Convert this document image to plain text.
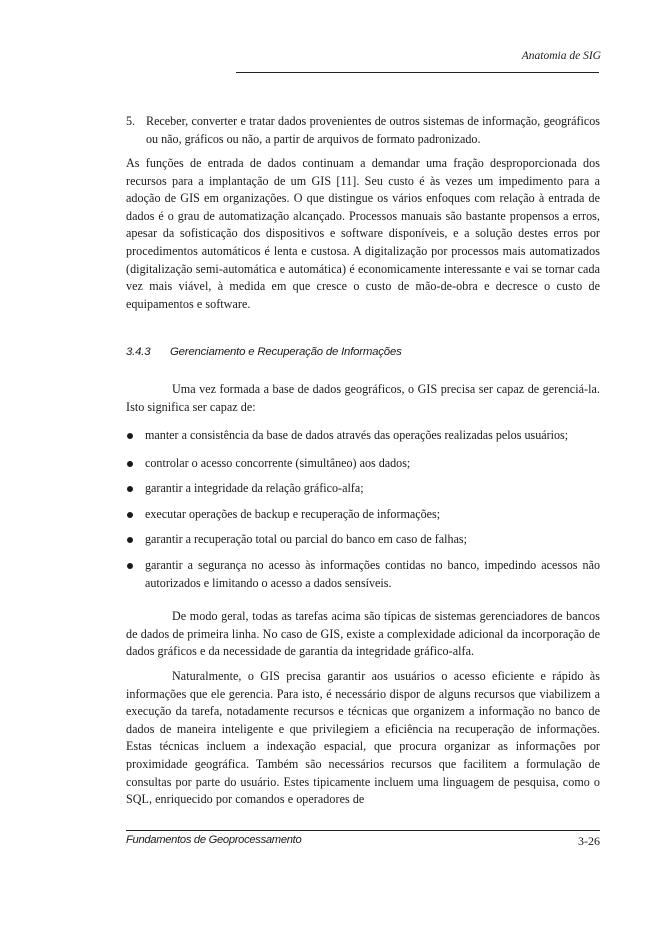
Anatomia de SIG
5. Receber, converter e tratar dados provenientes de outros sistemas de informação, geográficos ou não, gráficos ou não, a partir de arquivos de formato padronizado.

As funções de entrada de dados continuam a demandar uma fração desproporcionada dos recursos para a implantação de um GIS [11]. Seu custo é às vezes um impedimento para a adoção de GIS em organizações. O que distingue os vários enfoques com relação à entrada de dados é o grau de automatização alcançado. Processos manuais são bastante propensos a erros, apesar da sofisticação dos dispositivos e software disponíveis, e a solução destes erros por procedimentos automáticos é lenta e custosa. A digitalização por processos mais automatizados (digitalização semi-automática e automática) é economicamente interessante e vai se tornar cada vez mais viável, à medida em que cresce o custo de mão-de-obra e decresce o custo de equipamentos e software.

3.4.3 Gerenciamento e Recuperação de Informações

Uma vez formada a base de dados geográficos, o GIS precisa ser capaz de gerenciá-la. Isto significa ser capaz de:

manter a consistência da base de dados através das operações realizadas pelos usuários;
controlar o acesso concorrente (simultâneo) aos dados;
garantir a integridade da relação gráfico-alfa;
executar operações de backup e recuperação de informações;
garantir a recuperação total ou parcial do banco em caso de falhas;
garantir a segurança no acesso às informações contidas no banco, impedindo acessos não autorizados e limitando o acesso a dados sensíveis.

De modo geral, todas as tarefas acima são típicas de sistemas gerenciadores de bancos de dados de primeira linha. No caso de GIS, existe a complexidade adicional da incorporação de dados gráficos e da necessidade de garantia da integridade gráfico-alfa.

Naturalmente, o GIS precisa garantir aos usuários o acesso eficiente e rápido às informações que ele gerencia. Para isto, é necessário dispor de alguns recursos que viabilizem a execução da tarefa, notadamente recursos e técnicas que organizem a informação no banco de dados de maneira inteligente e que privilegiem a eficiência na recuperação de informações. Estas técnicas incluem a indexação espacial, que procura organizar as informações por proximidade geográfica. Também são necessários recursos que facilitem a formulação de consultas por parte do usuário. Estes tipicamente incluem uma linguagem de pesquisa, como o SQL, enriquecido por comandos e operadores de

Fundamentos de Geoprocessamento	3-26
